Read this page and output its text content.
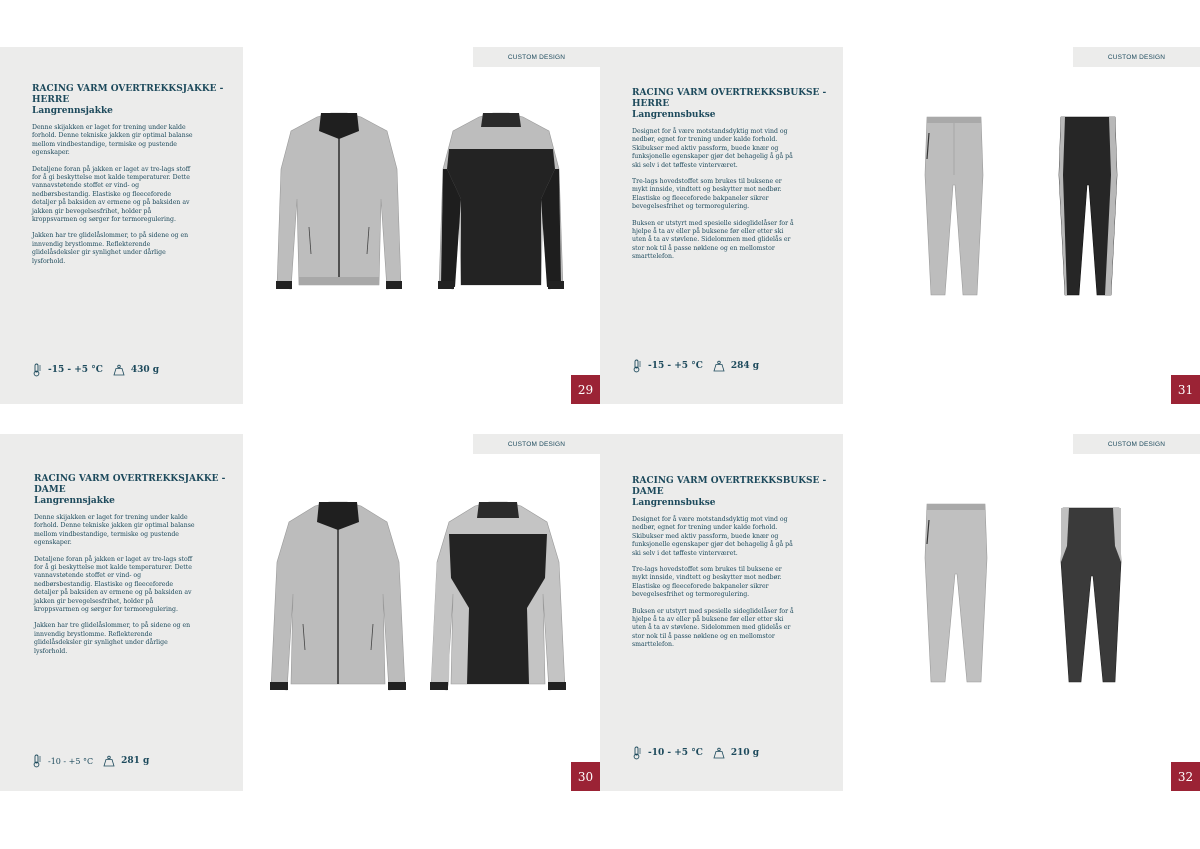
RACING VARM OVERTREKKSJAKKE - HERRE
Langrennsjakke

Denne skijakken er laget for trening under kalde forhold. Denne tekniske jakken gir optimal balanse mellom vindbestandige, termiske og pustende egenskaper.

Detaljene foran på jakken er laget av tre-lags stoff for å gi beskyttelse mot kalde temperaturer. Dette vannavstøtende stoffet er vind- og nedbørsbestandig. Elastiske og fleeceforede detaljer på baksiden av ermene og på baksiden av jakken gir bevegelsesfrihet, holder på kroppsvarmen og sørger for termoregulering.

Jakken har tre glidelåslommer, to på sidene og en innvendig brystlomme. Reflekterende glidelåsdeksler gir synlighet under dårlige lysforhold.

-15 - +5 °C	430 g
CUSTOM DESIGN
29
RACING VARM OVERTREKKSBUKSE - HERRE
Langrennsbukse

Designet for å være motstandsdyktig mot vind og nedbør, egnet for trening under kalde forhold. Skibukser med aktiv passform, buede knær og funksjonelle egenskaper gjør det behagelig å gå på ski selv i det tøffeste vinterværet.

Tre-lags hovedstoffet som brukes til buksene er mykt innside, vindtett og beskytter mot nedbør. Elastiske og fleeceforede bakpaneler sikrer bevegelsesfrihet og termoregulering.

Buksen er utstyrt med spesielle sideglidelåser for å hjelpe å ta av eller på buksene før eller etter ski uten å ta av støvlene. Sidelommen med glidelås er stor nok til å passe nøklene og en mellomstor smarttelefon.

-15 - +5 °C	284 g
CUSTOM DESIGN
31
RACING VARM OVERTREKKSJAKKE - DAME
Langrennsjakke

Denne skijakken er laget for trening under kalde forhold. Denne tekniske jakken gir optimal balanse mellom vindbestandige, termiske og pustende egenskaper.

Detaljene foran på jakken er laget av tre-lags stoff for å gi beskyttelse mot kalde temperaturer. Dette vannavstøtende stoffet er vind- og nedbørsbestandig. Elastiske og fleeceforede detaljer på baksiden av ermene og på baksiden av jakken gir bevegelsesfrihet, holder på kroppsvarmen og sørger for termoregulering.

Jakken har tre glidelåslommer, to på sidene og en innvendig brystlomme. Reflekterende glidelåsdeksler gir synlighet under dårlige lysforhold.

-10 - +5 °C	281 g
CUSTOM DESIGN
30
RACING VARM OVERTREKKSBUKSE - DAME
Langrennsbukse

Designet for å være motstandsdyktig mot vind og nedbør, egnet for trening under kalde forhold. Skibukser med aktiv passform, buede knær og funksjonelle egenskaper gjør det behagelig å gå på ski selv i det tøffeste vinterværet.

Tre-lags hovedstoffet som brukes til buksene er mykt innside, vindtett og beskytter mot nedbør. Elastiske og fleeceforede bakpaneler sikrer bevegelsesfrihet og termoregulering.

Buksen er utstyrt med spesielle sideglidelåser for å hjelpe å ta av eller på buksene før eller etter ski uten å ta av støvlene. Sidelommen med glidelås er stor nok til å passe nøklene og en mellomstor smarttelefon.

-10 - +5 °C	210 g
CUSTOM DESIGN
32
